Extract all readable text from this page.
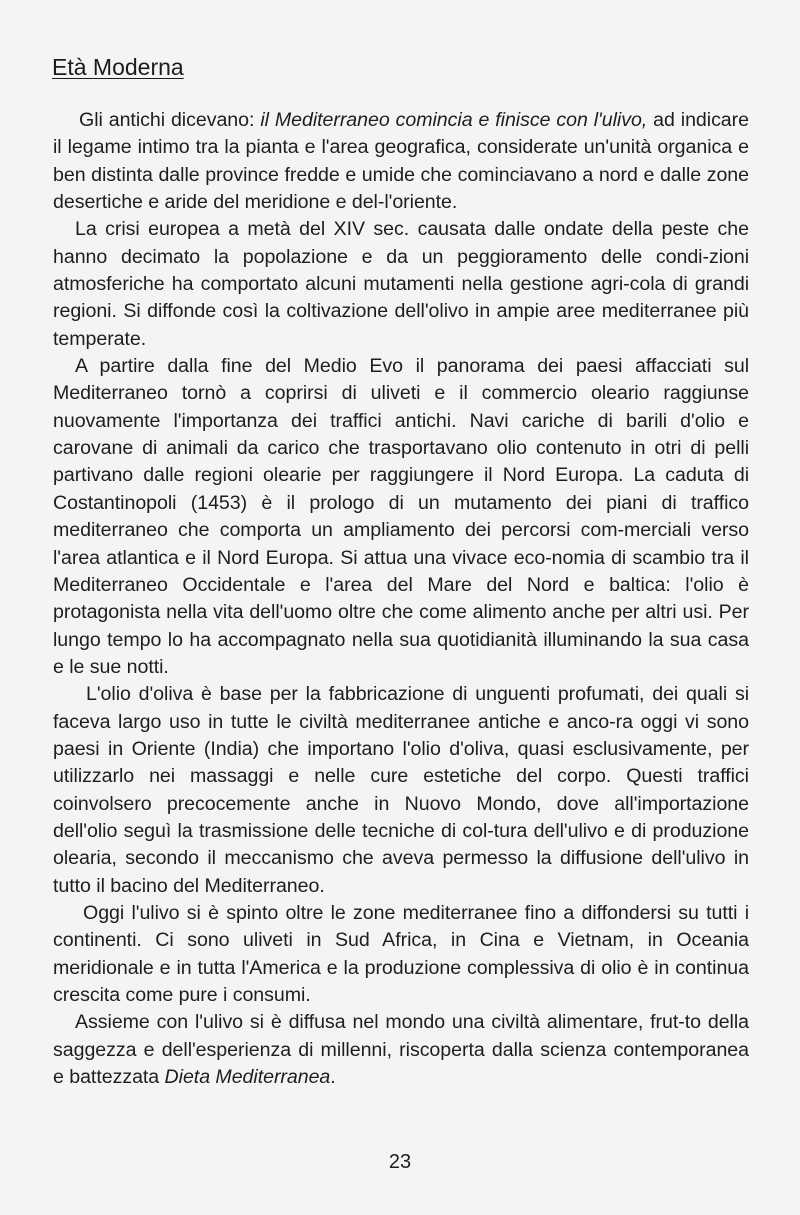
Età Moderna

Gli antichi dicevano: il Mediterraneo comincia e finisce con l'ulivo, ad indicare il legame intimo tra la pianta e l'area geografica, considerate un'unità organica e ben distinta dalle province fredde e umide che cominciavano a nord e dalle zone desertiche e aride del meridione e del-l'oriente.

La crisi europea a metà del XIV sec. causata dalle ondate della peste che hanno decimato la popolazione e da un peggioramento delle condi-zioni atmosferiche ha comportato alcuni mutamenti nella gestione agri-cola di grandi regioni. Si diffonde così la coltivazione dell'olivo in ampie aree mediterranee più temperate.

A partire dalla fine del Medio Evo il panorama dei paesi affacciati sul Mediterraneo tornò a coprirsi di uliveti e il commercio oleario raggiunse nuovamente l'importanza dei traffici antichi. Navi cariche di barili d'olio e carovane di animali da carico che trasportavano olio contenuto in otri di pelli partivano dalle regioni olearie per raggiungere il Nord Europa. La caduta di Costantinopoli (1453) è il prologo di un mutamento dei piani di traffico mediterraneo che comporta un ampliamento dei percorsi com-merciali verso l'area atlantica e il Nord Europa. Si attua una vivace eco-nomia di scambio tra il Mediterraneo Occidentale e l'area del Mare del Nord e baltica: l'olio è protagonista nella vita dell'uomo oltre che come alimento anche per altri usi. Per lungo tempo lo ha accompagnato nella sua quotidianità illuminando la sua casa e le sue notti.

L'olio d'oliva è base per la fabbricazione di unguenti profumati, dei quali si faceva largo uso in tutte le civiltà mediterranee antiche e anco-ra oggi vi sono paesi in Oriente (India) che importano l'olio d'oliva, quasi esclusivamente, per utilizzarlo nei massaggi e nelle cure estetiche del corpo. Questi traffici coinvolsero precocemente anche in Nuovo Mondo, dove all'importazione dell'olio seguì la trasmissione delle tecniche di col-tura dell'ulivo e di produzione olearia, secondo il meccanismo che aveva permesso la diffusione dell'ulivo in tutto il bacino del Mediterraneo.

Oggi l'ulivo si è spinto oltre le zone mediterranee fino a diffondersi su tutti i continenti. Ci sono uliveti in Sud Africa, in Cina e Vietnam, in Oceania meridionale e in tutta l'America e la produzione complessiva di olio è in continua crescita come pure i consumi.

Assieme con l'ulivo si è diffusa nel mondo una civiltà alimentare, frut-to della saggezza e dell'esperienza di millenni, riscoperta dalla scienza contemporanea e battezzata Dieta Mediterranea.

23
